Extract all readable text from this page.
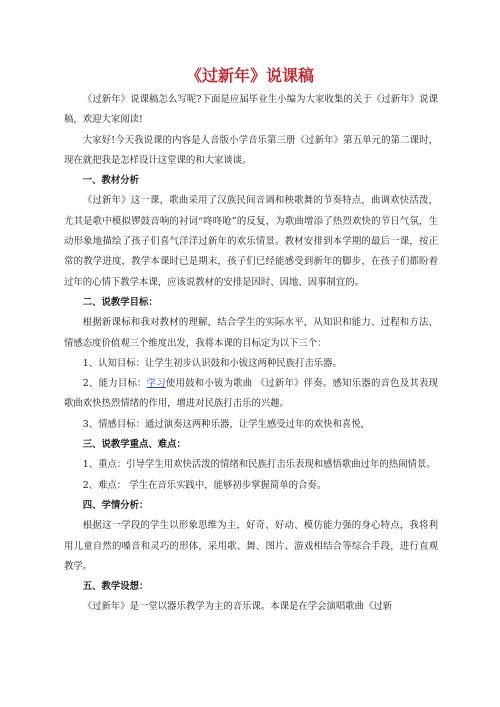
《过新年》说课稿

《过新年》说课稿怎么写呢?下面是应届毕业生小编为大家收集的关于《过新年》说课稿，欢迎大家阅读!

大家好!今天我说课的内容是人音版小学音乐第三册《过新年》第五单元的第二课时，现在就把我是怎样设计这堂课的和大家谈谈。

一、教材分析

《过新年》这一课，歌曲采用了汉族民间音调和秧歌舞的节奏特点，曲调欢快活泼，尤其是歌中模拟锣鼓音响的衬词“咚咚呛”的反复，为歌曲增添了热烈欢快的节日气氛，生动形象地描绘了孩子们喜气洋洋过新年的欢乐情景。教材安排到本学期的最后一课，按正常的教学进度，教学本课时已是期末，孩子们已经能感受到新年的脚步，在孩子们都盼着过年的心情下教学本课，应该说教材的安排是因时、因地、因事制宜的。

二、说教学目标：

根据新课标和我对教材的理解，结合学生的实际水平，从知识和能力、过程和方法、情感态度价值观三个维度出发，我将本课的目标定为以下三个：

1、认知目标：让学生初步认识鼓和小钹这两种民族打击乐器。

2、能力目标：学习使用鼓和小钹为歌曲 《过新年》伴奏。感知乐器的音色及其表现歌曲欢快热烈情绪的作用，增进对民族打击乐的兴趣。

3、情感目标：通过演奏这两种乐器，让学生感受过年的欢快和喜悦，

三、说教学重点、难点：

1、重点：引导学生用欢快活泼的情绪和民族打击乐表现和感悟歌曲过年的热闹情景。

2、难点： 学生在音乐实践中，能够初步掌握简单的合奏。

四、学情分析：

根据这一学段的学生以形象思维为主，好奇、好动、模仿能力强的身心特点，我将利用儿童自然的嗓音和灵巧的形体，采用歌、舞、图片、游戏相结合等综合手段，进行直观教学。

五、教学设想：

《过新年》是一堂以器乐教学为主的音乐课。本课是在学会演唱歌曲《过新
